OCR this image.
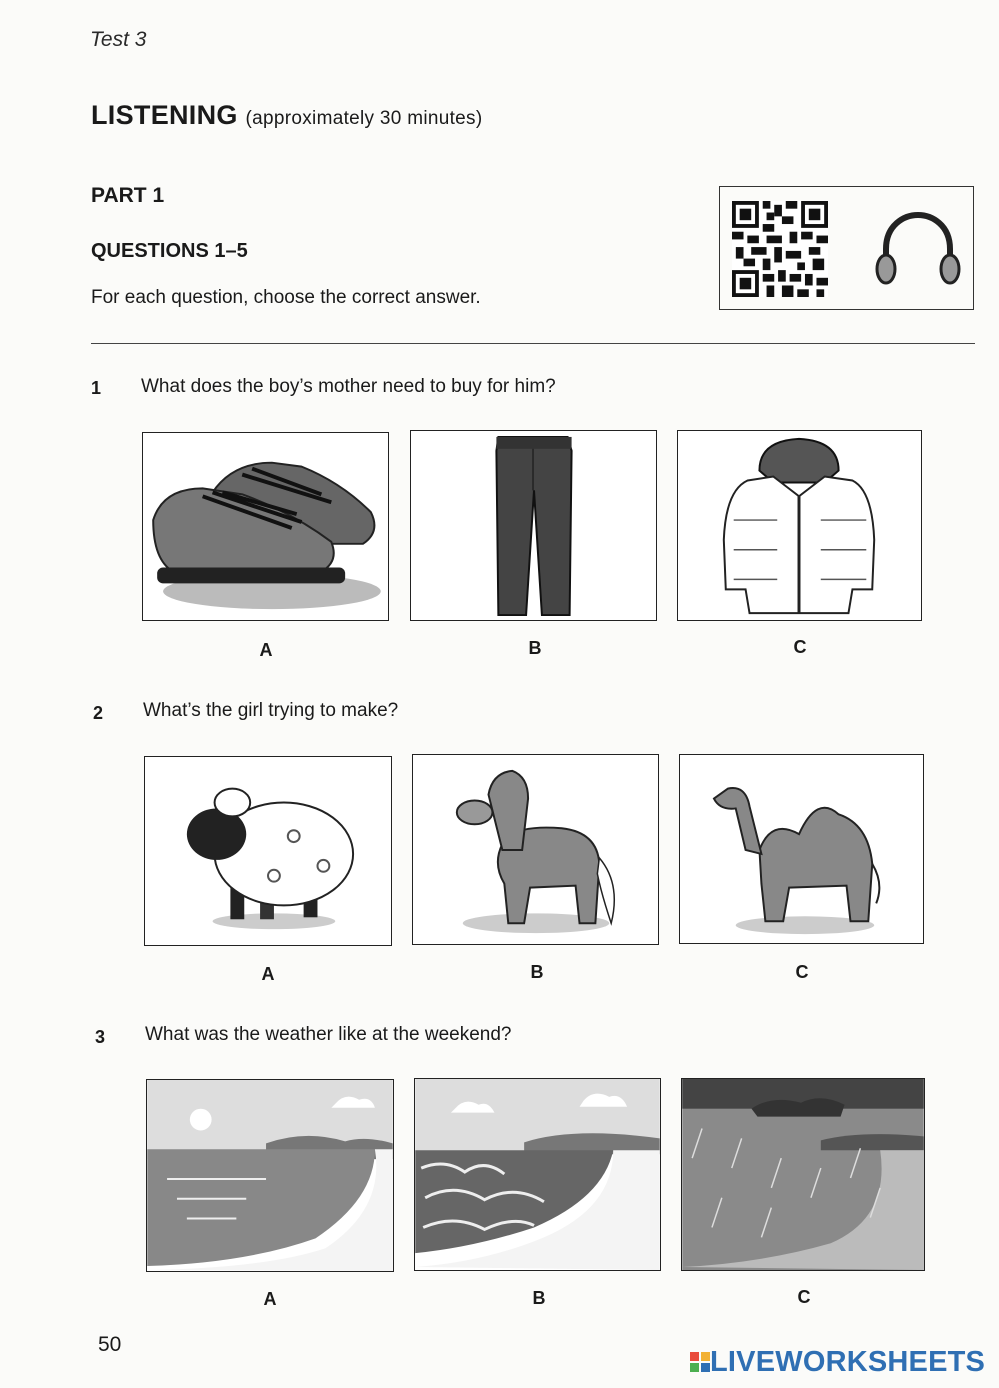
Test 3
LISTENING (approximately 30 minutes)
PART 1
QUESTIONS 1–5
For each question, choose the correct answer.
1 What does the boy’s mother need to buy for him?
A	B	C
2 What’s the girl trying to make?
A	B	C
3 What was the weather like at the weekend?
A	B	C
50
LIVEWORKSHEETS
